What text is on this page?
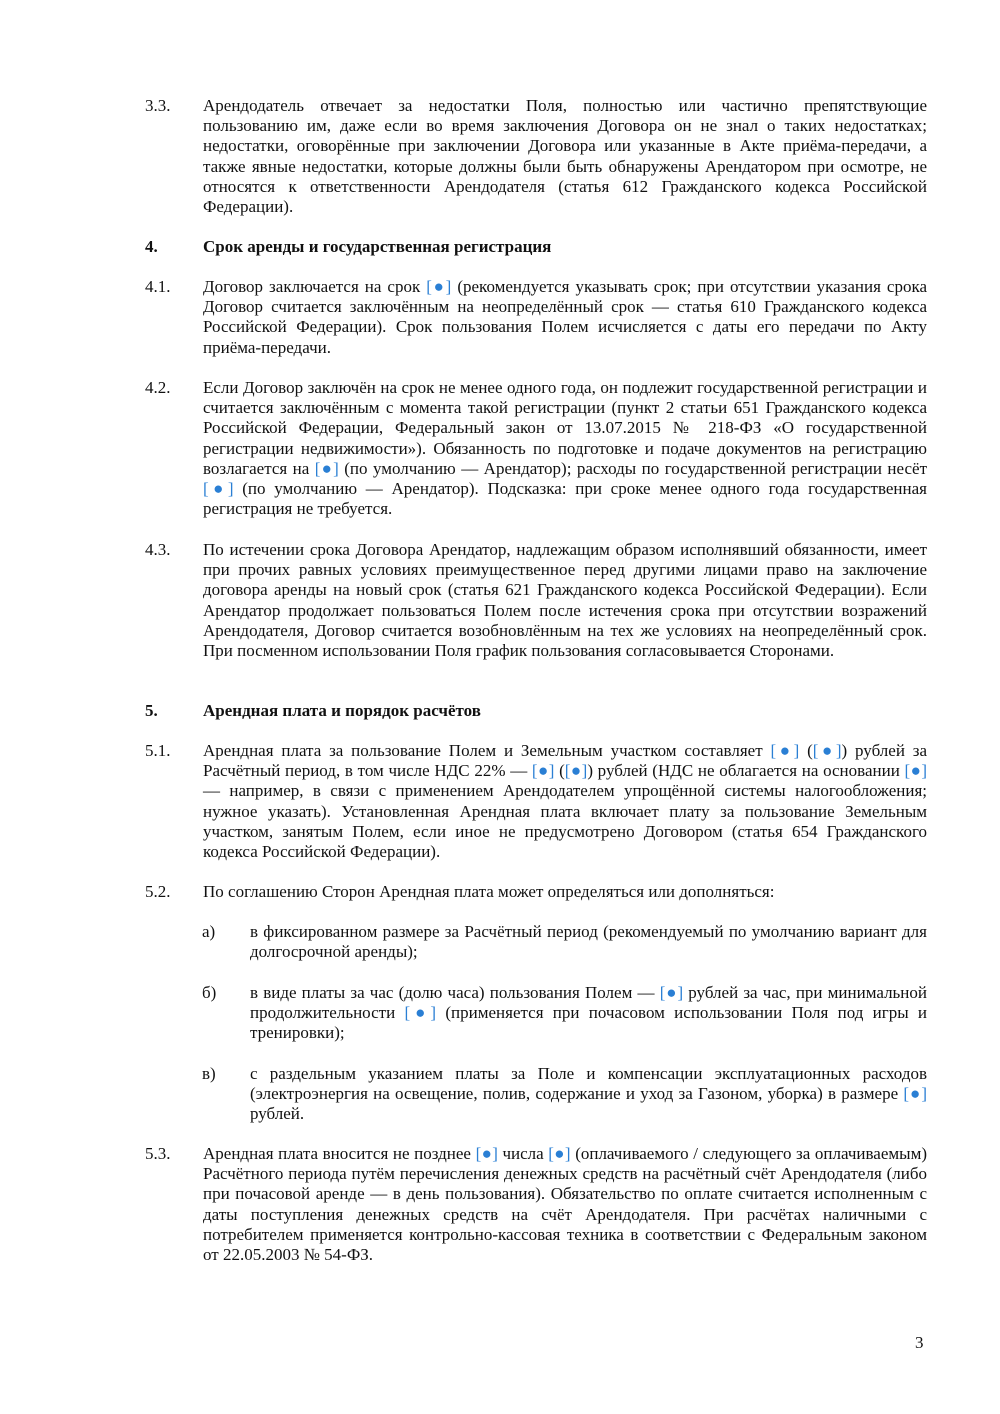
3.3. Арендодатель отвечает за недостатки Поля, полностью или частично препятствующие пользованию им, даже если во время заключения Договора он не знал о таких недостатках; недостатки, оговорённые при заключении Договора или указанные в Акте приёма-передачи, а также явные недостатки, которые должны были быть обнаружены Арендатором при осмотре, не относятся к ответственности Арендодателя (статья 612 Гражданского кодекса Российской Федерации).
4.	Срок аренды и государственная регистрация
4.1. Договор заключается на срок [●] (рекомендуется указывать срок; при отсутствии указания срока Договор считается заключённым на неопределённый срок — статья 610 Гражданского кодекса Российской Федерации). Срок пользования Полем исчисляется с даты его передачи по Акту приёма-передачи.
4.2. Если Договор заключён на срок не менее одного года, он подлежит государственной регистрации и считается заключённым с момента такой регистрации (пункт 2 статьи 651 Гражданского кодекса Российской Федерации, Федеральный закон от 13.07.2015 № 218-ФЗ «О государственной регистрации недвижимости»). Обязанность по подготовке и подаче документов на регистрацию возлагается на [●] (по умолчанию — Арендатор); расходы по государственной регистрации несёт [●] (по умолчанию — Арендатор). Подсказка: при сроке менее одного года государственная регистрация не требуется.
4.3. По истечении срока Договора Арендатор, надлежащим образом исполнявший обязанности, имеет при прочих равных условиях преимущественное перед другими лицами право на заключение договора аренды на новый срок (статья 621 Гражданского кодекса Российской Федерации). Если Арендатор продолжает пользоваться Полем после истечения срока при отсутствии возражений Арендодателя, Договор считается возобновлённым на тех же условиях на неопределённый срок. При посменном использовании Поля график пользования согласовывается Сторонами.
5.	Арендная плата и порядок расчётов
5.1. Арендная плата за пользование Полем и Земельным участком составляет [●] ([●]) рублей за Расчётный период, в том числе НДС 22% — [●] ([●]) рублей (НДС не облагается на основании [●] — например, в связи с применением Арендодателем упрощённой системы налогообложения; нужное указать). Установленная Арендная плата включает плату за пользование Земельным участком, занятым Полем, если иное не предусмотрено Договором (статья 654 Гражданского кодекса Российской Федерации).
5.2. По соглашению Сторон Арендная плата может определяться или дополняться:
а) в фиксированном размере за Расчётный период (рекомендуемый по умолчанию вариант для долгосрочной аренды);
б) в виде платы за час (долю часа) пользования Полем — [●] рублей за час, при минимальной продолжительности [●] (применяется при почасовом использовании Поля под игры и тренировки);
в) с раздельным указанием платы за Поле и компенсации эксплуатационных расходов (электроэнергия на освещение, полив, содержание и уход за Газоном, уборка) в размере [●] рублей.
5.3. Арендная плата вносится не позднее [●] числа [●] (оплачиваемого / следующего за оплачиваемым) Расчётного периода путём перечисления денежных средств на расчётный счёт Арендодателя (либо при почасовой аренде — в день пользования). Обязательство по оплате считается исполненным с даты поступления денежных средств на счёт Арендодателя. При расчётах наличными с потребителем применяется контрольно-кассовая техника в соответствии с Федеральным законом от 22.05.2003 № 54-ФЗ.
3
